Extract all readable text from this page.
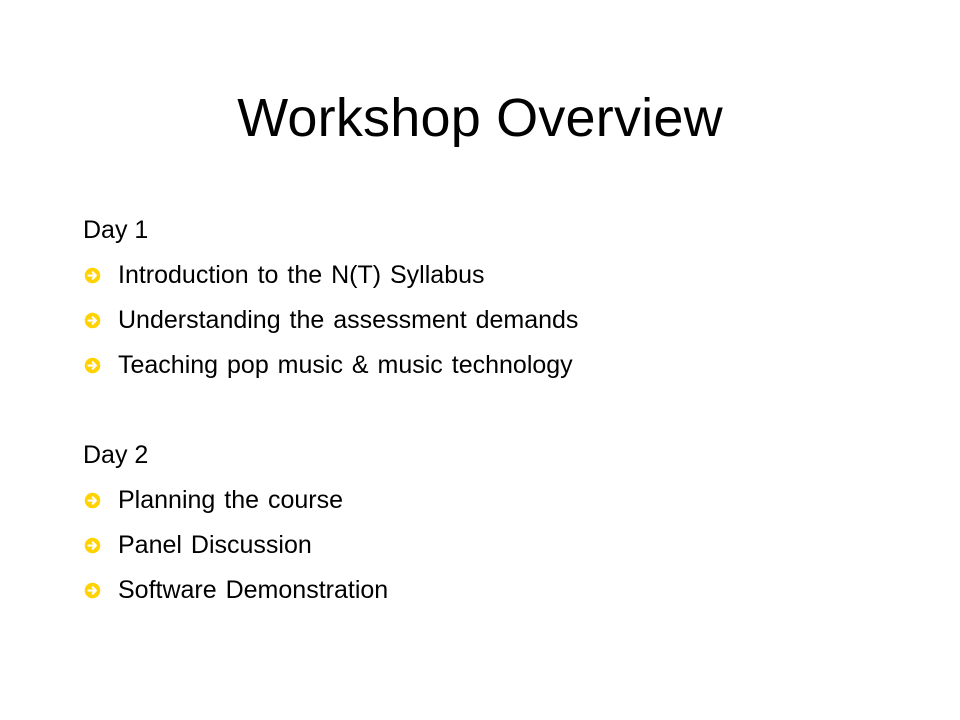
Workshop Overview
Day 1
Introduction to the N(T) Syllabus
Understanding the assessment demands
Teaching pop music & music technology
Day 2
Planning the course
Panel Discussion
Software Demonstration
